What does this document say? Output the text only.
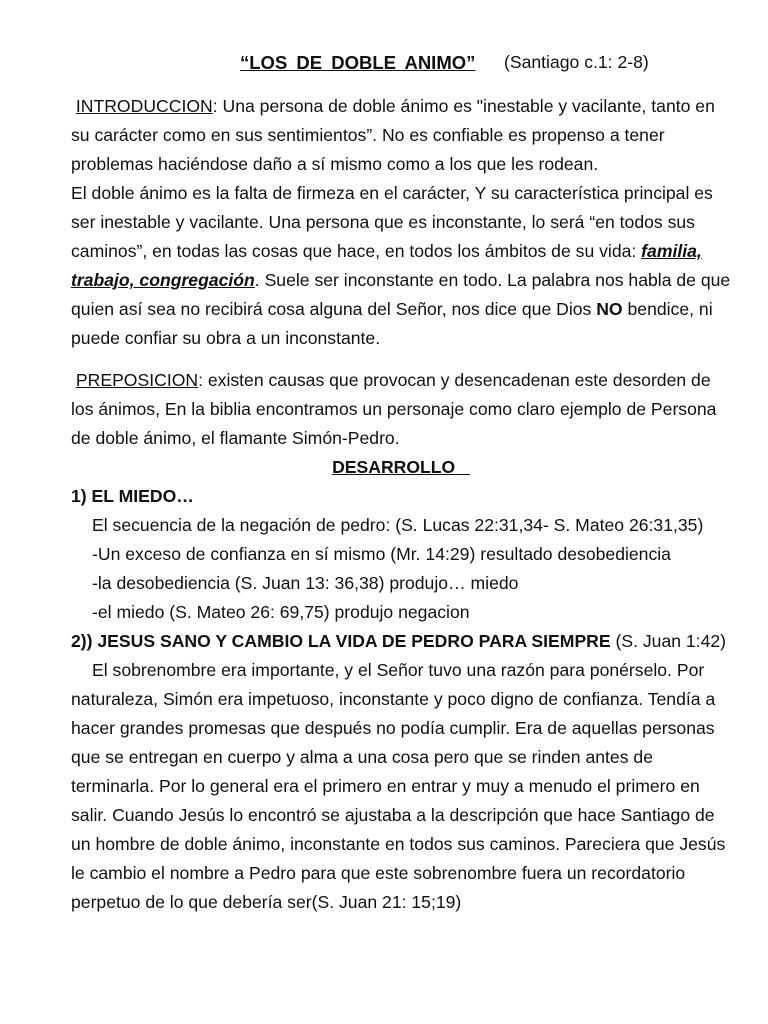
“LOS DE DOBLE ANIMO” (Santiago c.1: 2-8)

INTRODUCCION: Una persona de doble ánimo es "inestable y vacilante, tanto en su carácter como en sus sentimientos”. No es confiable es propenso a tener problemas haciéndose daño a sí mismo como a los que les rodean.

El doble ánimo es la falta de firmeza en el carácter, Y su característica principal es ser inestable y vacilante. Una persona que es inconstante, lo será “en todos sus caminos”, en todas las cosas que hace, en todos los ámbitos de su vida: familia, trabajo, congregación. Suele ser inconstante en todo. La palabra nos habla de que quien así sea no recibirá cosa alguna del Señor, nos dice que Dios NO bendice, ni puede confiar su obra a un inconstante.

PREPOSICION: existen causas que provocan y desencadenan este desorden de los ánimos, En la biblia encontramos un personaje como claro ejemplo de Persona de doble ánimo, el flamante Simón-Pedro.

DESARROLLO

1) EL MIEDO…

El secuencia de la negación de pedro: (S. Lucas 22:31,34- S. Mateo 26:31,35)

-Un exceso de confianza en sí mismo (Mr. 14:29) resultado desobediencia

-la desobediencia (S. Juan 13: 36,38) produjo… miedo

-el miedo (S. Mateo 26: 69,75) produjo negacion

2)) JESUS SANO Y CAMBIO LA VIDA DE PEDRO PARA SIEMPRE (S. Juan 1:42)

El sobrenombre era importante, y el Señor tuvo una razón para ponérselo. Por naturaleza, Simón era impetuoso, inconstante y poco digno de confianza. Tendía a hacer grandes promesas que después no podía cumplir. Era de aquellas personas que se entregan en cuerpo y alma a una cosa pero que se rinden antes de terminarla. Por lo general era el primero en entrar y muy a menudo el primero en salir. Cuando Jesús lo encontró se ajustaba a la descripción que hace Santiago de un hombre de doble ánimo, inconstante en todos sus caminos. Pareciera que Jesús le cambio el nombre a Pedro para que este sobrenombre fuera un recordatorio perpetuo de lo que debería ser(S. Juan 21: 15;19)
